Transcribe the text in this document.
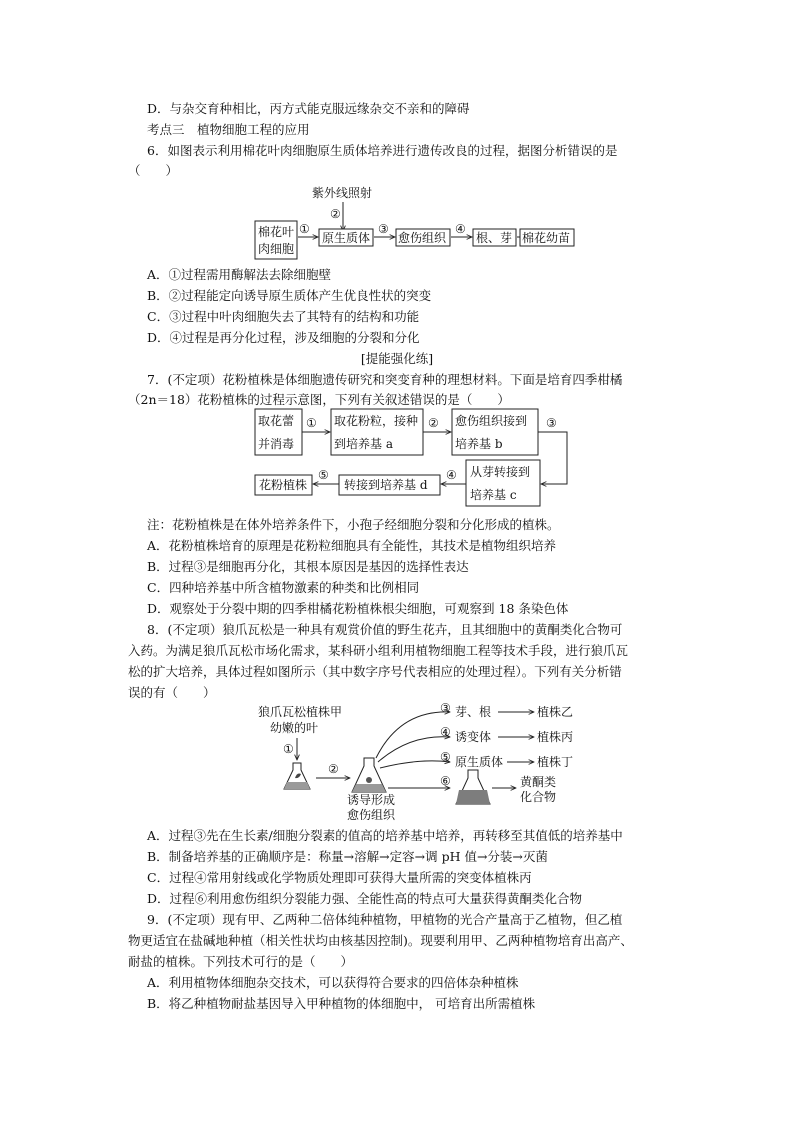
D．与杂交育种相比，丙方式能克服远缘杂交不亲和的障碍
考点三　植物细胞工程的应用
6．如图表示利用棉花叶肉细胞原生质体培养进行遗传改良的过程，据图分析错误的是
（　　）
紫外线照射
②
棉花叶
肉细胞
①
原生质体
③
愈伤组织
④
根、芽 棉花幼苗
A．①过程需用酶解法去除细胞壁
B．②过程能定向诱导原生质体产生优良性状的突变
C．③过程中叶肉细胞失去了其特有的结构和功能
D．④过程是再分化过程，涉及细胞的分裂和分化
[提能强化练]
7．(不定项）花粉植株是体细胞遗传研究和突变育种的理想材料。下面是培育四季柑橘
（2n＝18）花粉植株的过程示意图，下列有关叙述错误的是（　　）
取花蕾
并消毒
① 取花粉粒，接种
到培养基 a
② 愈伤组织接到
培养基 b
③
从芽转接到
培养基 c
④
转接到培养基 d
⑤
花粉植株
注：花粉植株是在体外培养条件下，小孢子经细胞分裂和分化形成的植株。
A．花粉植株培育的原理是花粉粒细胞具有全能性，其技术是植物组织培养
B．过程③是细胞再分化，其根本原因是基因的选择性表达
C．四种培养基中所含植物激素的种类和比例相同
D．观察处于分裂中期的四季柑橘花粉植株根尖细胞，可观察到 18 条染色体
8．(不定项）狼爪瓦松是一种具有观赏价值的野生花卉，且其细胞中的黄酮类化合物可
入药。为满足狼爪瓦松市场化需求，某科研小组利用植物细胞工程等技术手段，进行狼爪瓦
松的扩大培养，具体过程如图所示（其中数字序号代表相应的处理过程）。下列有关分析错
误的有（　　）
狼爪瓦松植株甲
幼嫩的叶
①
②
诱导形成
愈伤组织
③ 芽、根	植株乙
④ 诱变体	植株丙
⑤ 原生质体	植株丁
⑥	黄酮类
化合物
A．过程③先在生长素/细胞分裂素的值高的培养基中培养，再转移至其值低的培养基中
B．制备培养基的正确顺序是：称量→溶解→定容→调 pH 值→分装→灭菌
C．过程④常用射线或化学物质处理即可获得大量所需的突变体植株丙
D．过程⑥利用愈伤组织分裂能力强、全能性高的特点可大量获得黄酮类化合物
9．(不定项）现有甲、乙两种二倍体纯种植物，甲植物的光合产量高于乙植物，但乙植
物更适宜在盐碱地种植（相关性状均由核基因控制)。现要利用甲、乙两种植物培育出高产、
耐盐的植株。下列技术可行的是（　　）
A．利用植物体细胞杂交技术，可以获得符合要求的四倍体杂种植株
B．将乙种植物耐盐基因导入甲种植物的体细胞中， 可培育出所需植株
